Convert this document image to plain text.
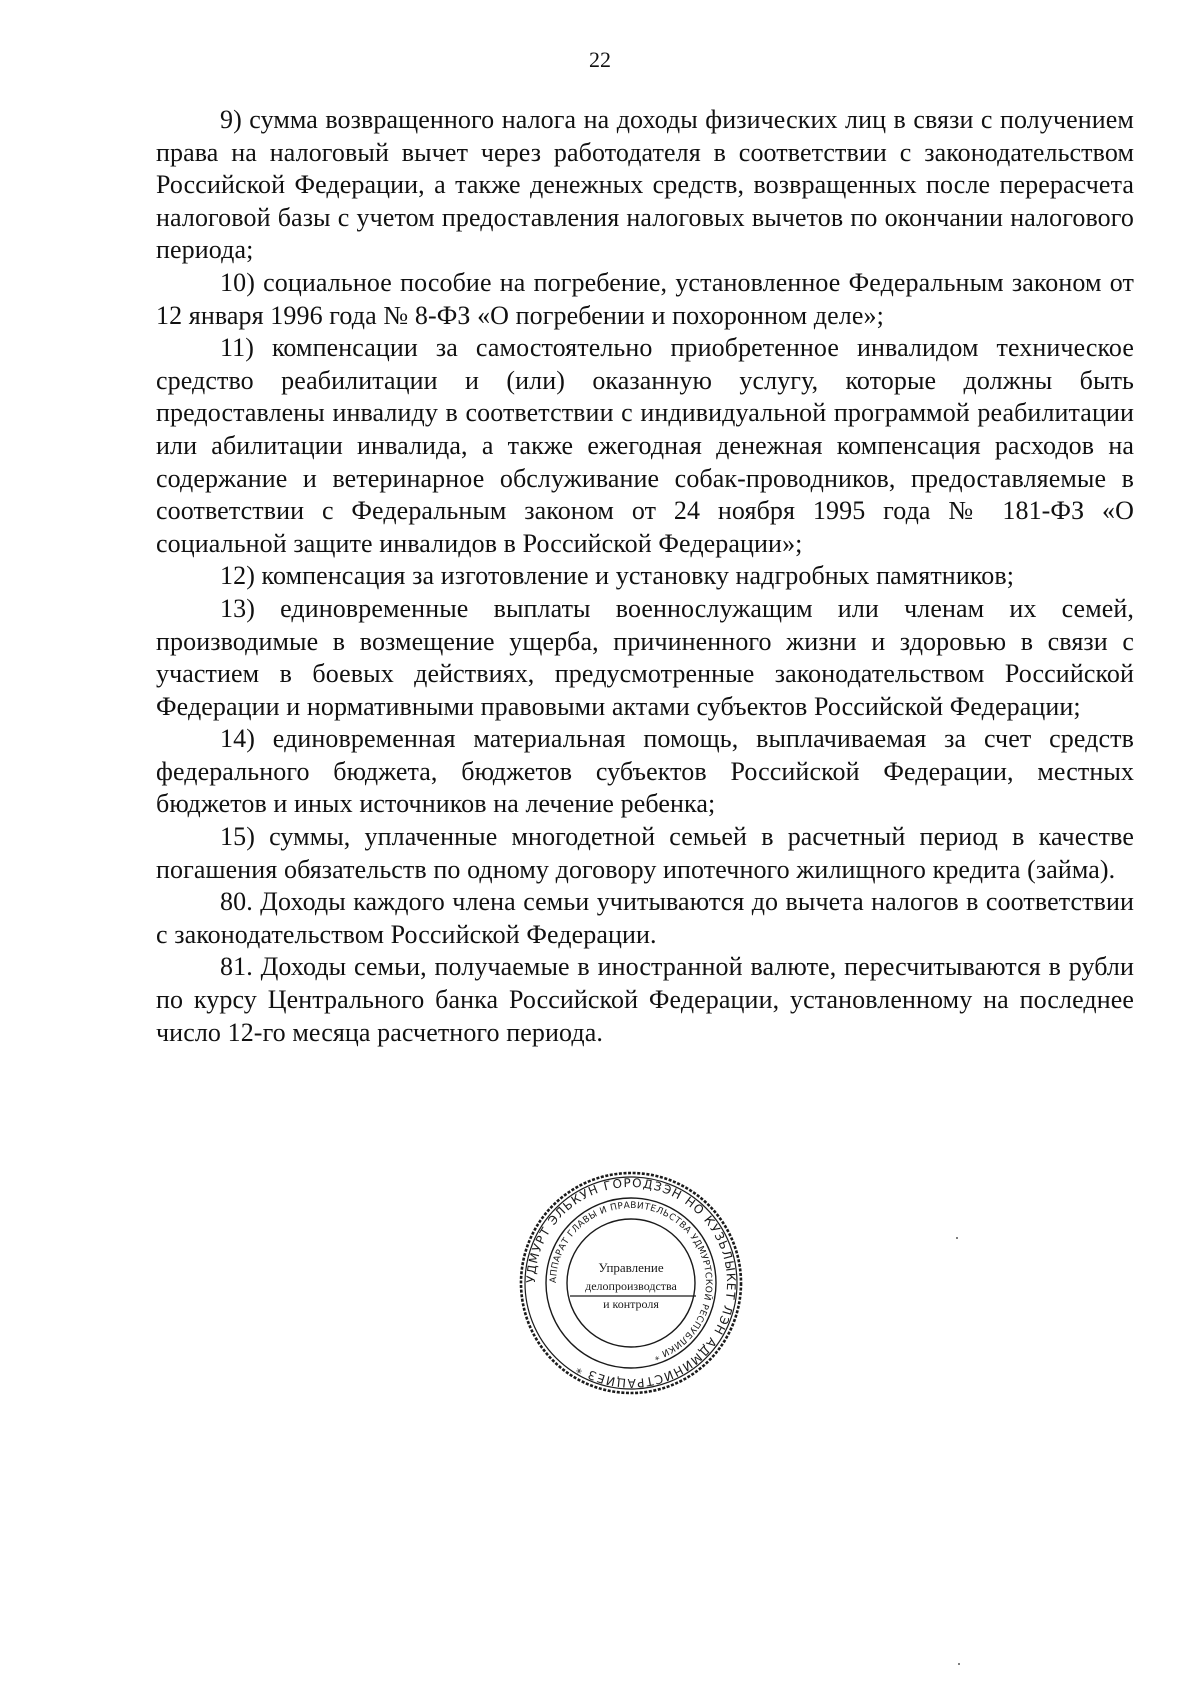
22

9) сумма возвращенного налога на доходы физических лиц в связи с получением права на налоговый вычет через работодателя в соответствии с законодательством Российской Федерации, а также денежных средств, возвращенных после перерасчета налоговой базы с учетом предоставления налоговых вычетов по окончании налогового периода;

10) социальное пособие на погребение, установленное Федеральным законом от 12 января 1996 года № 8-ФЗ «О погребении и похоронном деле»;

11) компенсации за самостоятельно приобретенное инвалидом техническое средство реабилитации и (или) оказанную услугу, которые должны быть предоставлены инвалиду в соответствии с индивидуальной программой реабилитации или абилитации инвалида, а также ежегодная денежная компенсация расходов на содержание и ветеринарное обслуживание собак-проводников, предоставляемые в соответствии с Федеральным законом от 24 ноября 1995 года № 181-ФЗ «О социальной защите инвалидов в Российской Федерации»;

12) компенсация за изготовление и установку надгробных памятников;

13) единовременные выплаты военнослужащим или членам их семей, производимые в возмещение ущерба, причиненного жизни и здоровью в связи с участием в боевых действиях, предусмотренные законодательством Российской Федерации и нормативными правовыми актами субъектов Российской Федерации;

14) единовременная материальная помощь, выплачиваемая за счет средств федерального бюджета, бюджетов субъектов Российской Федерации, местных бюджетов и иных источников на лечение ребенка;

15) суммы, уплаченные многодетной семьей в расчетный период в качестве погашения обязательств по одному договору ипотечного жилищного кредита (займа).

80. Доходы каждого члена семьи учитываются до вычета налогов в соответствии с законодательством Российской Федерации.

81. Доходы семьи, получаемые в иностранной валюте, пересчитываются в рубли по курсу Центрального банка Российской Федерации, установленному на последнее число 12-го месяца расчетного периода.

УДМУРТ ЭЛЬКУН ГОРОДЗЭН НО КУЗЬЛЫКЕТ ЛЭН АДМИНИСТРАЦИЕЗ *
АППАРАТ ГЛАВЫ И ПРАВИТЕЛЬСТВА УДМУРТСКОЙ РЕСПУБЛИКИ *
Управление
делопроизводства
и контроля
